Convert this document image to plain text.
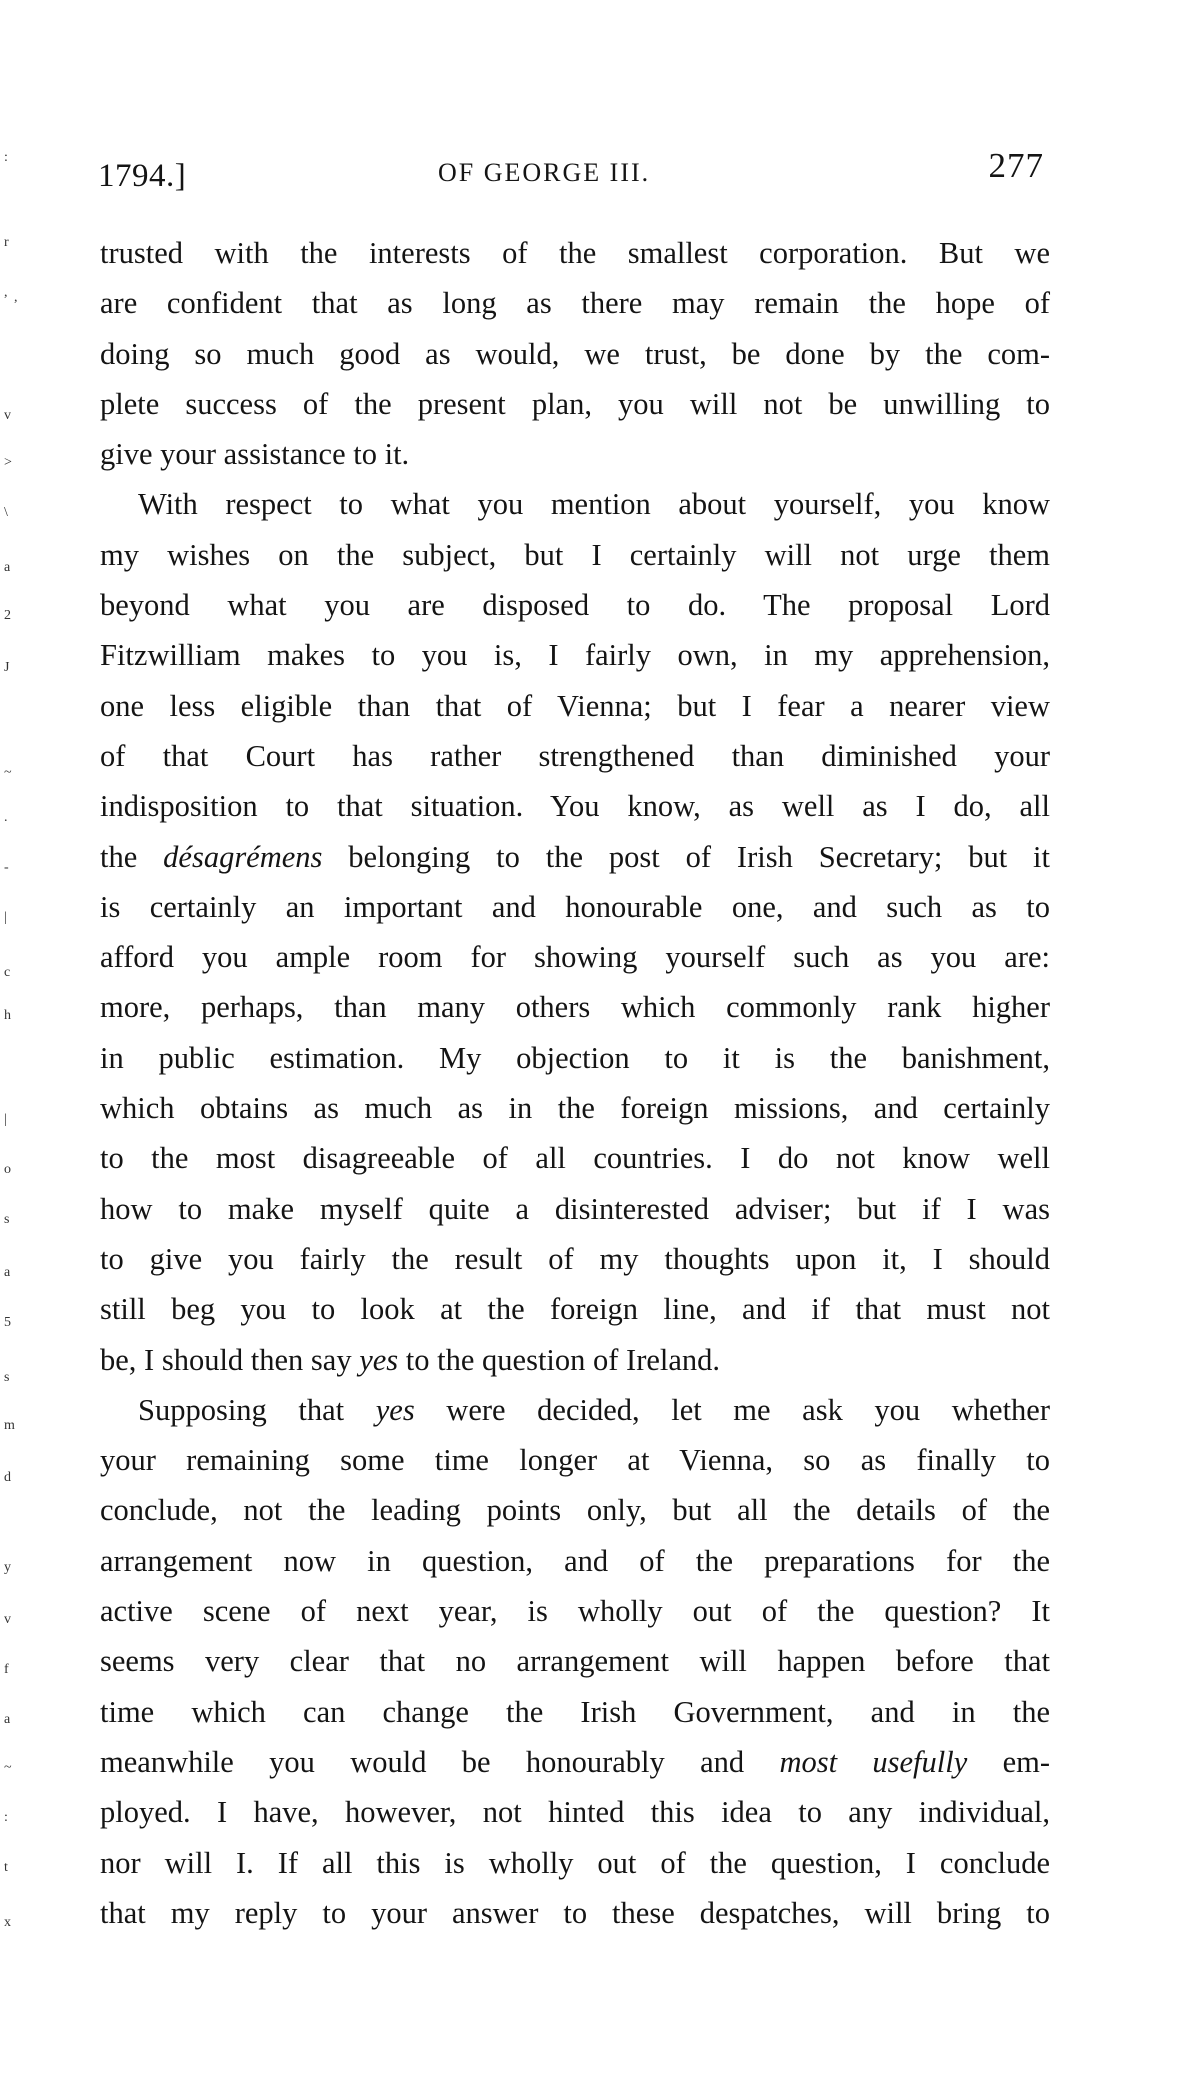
:
r
, ,
v
>
\
a
2
J
~
.
-
|
c
h
|
o
s
a
5
s
m
d
y
v
f
a
~
:
t
x
1794.]	OF GEORGE III.	277
trusted with the interests of the smallest corporation. But we
are confident that as long as there may remain the hope of
doing so much good as would, we trust, be done by the com-
plete success of the present plan, you will not be unwilling to
give your assistance to it.
With respect to what you mention about yourself, you know
my wishes on the subject, but I certainly will not urge them
beyond what you are disposed to do. The proposal Lord
Fitzwilliam makes to you is, I fairly own, in my apprehension,
one less eligible than that of Vienna; but I fear a nearer view
of that Court has rather strengthened than diminished your
indisposition to that situation. You know, as well as I do, all
the désagrémens belonging to the post of Irish Secretary; but it
is certainly an important and honourable one, and such as to
afford you ample room for showing yourself such as you are:
more, perhaps, than many others which commonly rank higher
in public estimation. My objection to it is the banishment,
which obtains as much as in the foreign missions, and certainly
to the most disagreeable of all countries. I do not know well
how to make myself quite a disinterested adviser; but if I was
to give you fairly the result of my thoughts upon it, I should
still beg you to look at the foreign line, and if that must not
be, I should then say yes to the question of Ireland.
Supposing that yes were decided, let me ask you whether
your remaining some time longer at Vienna, so as finally to
conclude, not the leading points only, but all the details of the
arrangement now in question, and of the preparations for the
active scene of next year, is wholly out of the question? It
seems very clear that no arrangement will happen before that
time which can change the Irish Government, and in the
meanwhile you would be honourably and most usefully em-
ployed. I have, however, not hinted this idea to any individual,
nor will I. If all this is wholly out of the question, I conclude
that my reply to your answer to these despatches, will bring to
